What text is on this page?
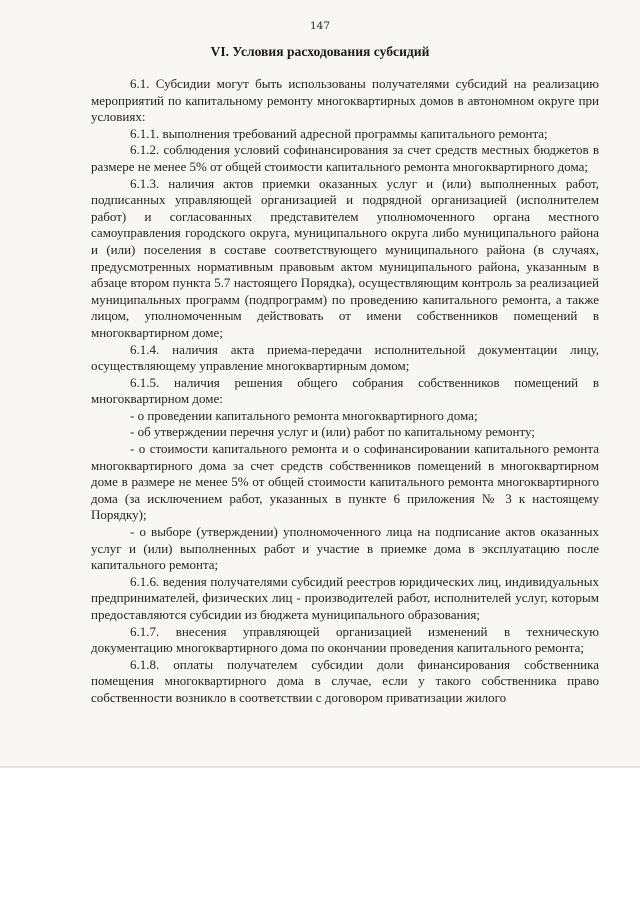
147
VI. Условия расходования субсидий

6.1. Субсидии могут быть использованы получателями субсидий на реализацию мероприятий по капитальному ремонту многоквартирных домов в автономном округе при условиях:

6.1.1. выполнения требований адресной программы капитального ремонта;

6.1.2. соблюдения условий софинансирования за счет средств местных бюджетов в размере не менее 5% от общей стоимости капитального ремонта многоквартирного дома;

6.1.3. наличия актов приемки оказанных услуг и (или) выполненных работ, подписанных управляющей организацией и подрядной организацией (исполнителем работ) и согласованных представителем уполномоченного органа местного самоуправления городского округа, муниципального округа либо муниципального района и (или) поселения в составе соответствующего муниципального района (в случаях, предусмотренных нормативным правовым актом муниципального района, указанным в абзаце втором пункта 5.7 настоящего Порядка), осуществляющим контроль за реализацией муниципальных программ (подпрограмм) по проведению капитального ремонта, а также лицом, уполномоченным действовать от имени собственников помещений в многоквартирном доме;

6.1.4. наличия акта приема-передачи исполнительной документации лицу, осуществляющему управление многоквартирным домом;

6.1.5. наличия решения общего собрания собственников помещений в многоквартирном доме:

- о проведении капитального ремонта многоквартирного дома;

- об утверждении перечня услуг и (или) работ по капитальному ремонту;

- о стоимости капитального ремонта и о софинансировании капитального ремонта многоквартирного дома за счет средств собственников помещений в многоквартирном доме в размере не менее 5% от общей стоимости капитального ремонта многоквартирного дома (за исключением работ, указанных в пункте 6 приложения № 3 к настоящему Порядку);

- о выборе (утверждении) уполномоченного лица на подписание актов оказанных услуг и (или) выполненных работ и участие в приемке дома в эксплуатацию после капитального ремонта;

6.1.6. ведения получателями субсидий реестров юридических лиц, индивидуальных предпринимателей, физических лиц - производителей работ, исполнителей услуг, которым предоставляются субсидии из бюджета муниципального образования;

6.1.7. внесения управляющей организацией изменений в техническую документацию многоквартирного дома по окончании проведения капитального ремонта;

6.1.8. оплаты получателем субсидии доли финансирования собственника помещения многоквартирного дома в случае, если у такого собственника право собственности возникло в соответствии с договором приватизации жилого
